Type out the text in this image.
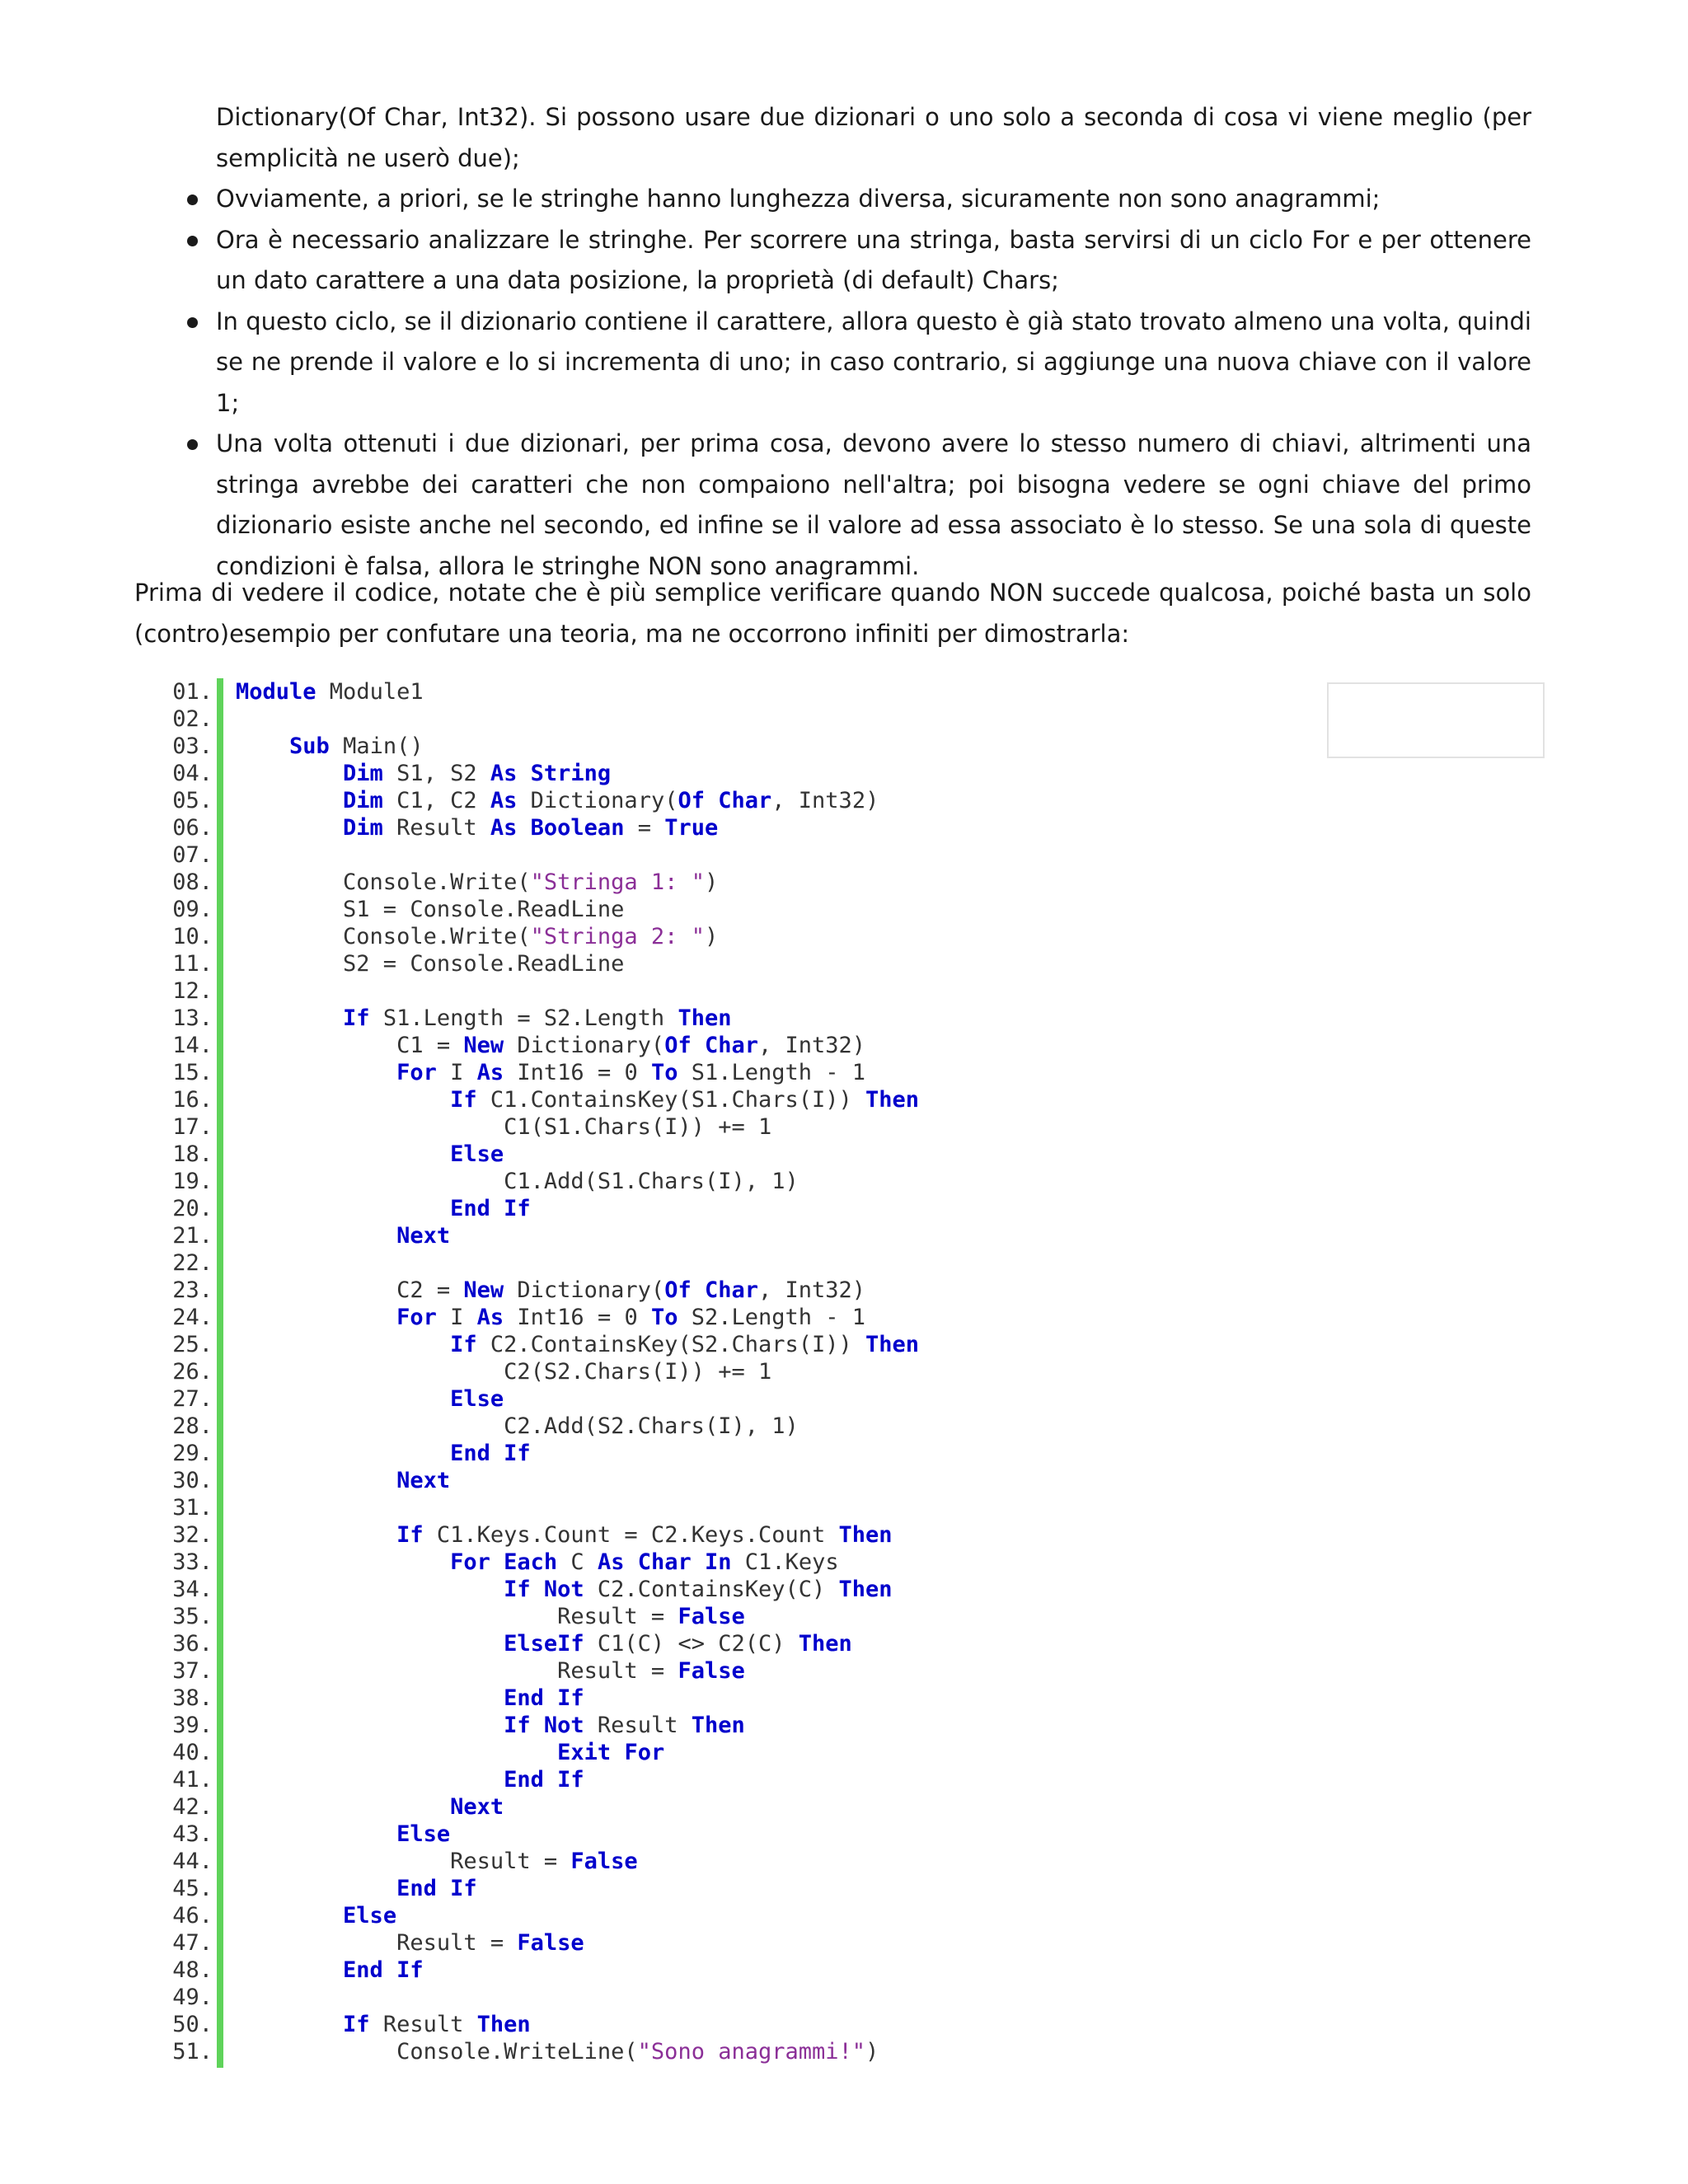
Dictionary(Of Char, Int32). Si possono usare due dizionari o uno solo a seconda di cosa vi viene meglio (per semplicità ne userò due);

Ovviamente, a priori, se le stringhe hanno lunghezza diversa, sicuramente non sono anagrammi;
Ora è necessario analizzare le stringhe. Per scorrere una stringa, basta servirsi di un ciclo For e per ottenere un dato carattere a una data posizione, la proprietà (di default) Chars;
In questo ciclo, se il dizionario contiene il carattere, allora questo è già stato trovato almeno una volta, quindi se ne prende il valore e lo si incrementa di uno; in caso contrario, si aggiunge una nuova chiave con il valore 1;
Una volta ottenuti i due dizionari, per prima cosa, devono avere lo stesso numero di chiavi, altrimenti una stringa avrebbe dei caratteri che non compaiono nell'altra; poi bisogna vedere se ogni chiave del primo dizionario esiste anche nel secondo, ed infine se il valore ad essa associato è lo stesso. Se una sola di queste condizioni è falsa, allora le stringhe NON sono anagrammi.

Prima di vedere il codice, notate che è più semplice verificare quando NON succede qualcosa, poiché basta un solo (contro)esempio per confutare una teoria, ma ne occorrono infiniti per dimostrarla:

01.
02.
03.
04.
05.
06.
07.
08.
09.
10.
11.
12.
13.
14.
15.
16.
17.
18.
19.
20.
21.
22.
23.
24.
25.
26.
27.
28.
29.
30.
31.
32.
33.
34.
35.
36.
37.
38.
39.
40.
41.
42.
43.
44.
45.
46.
47.
48.
49.
50.
51.
Module Module1
Sub Main()
Dim S1, S2 As String
Dim C1, C2 As Dictionary(Of Char, Int32)
Dim Result As Boolean = True
Console.Write("Stringa 1: ")
S1 = Console.ReadLine
Console.Write("Stringa 2: ")
S2 = Console.ReadLine
If S1.Length = S2.Length Then
C1 = New Dictionary(Of Char, Int32)
For I As Int16 = 0 To S1.Length - 1
If C1.ContainsKey(S1.Chars(I)) Then
C1(S1.Chars(I)) += 1
Else
C1.Add(S1.Chars(I), 1)
End If
Next
C2 = New Dictionary(Of Char, Int32)
For I As Int16 = 0 To S2.Length - 1
If C2.ContainsKey(S2.Chars(I)) Then
C2(S2.Chars(I)) += 1
Else
C2.Add(S2.Chars(I), 1)
End If
Next
If C1.Keys.Count = C2.Keys.Count Then
For Each C As Char In C1.Keys
If Not C2.ContainsKey(C) Then
Result = False
ElseIf C1(C) <> C2(C) Then
Result = False
End If
If Not Result Then
Exit For
End If
Next
Else
Result = False
End If
Else
Result = False
End If
If Result Then
Console.WriteLine("Sono anagrammi!")
